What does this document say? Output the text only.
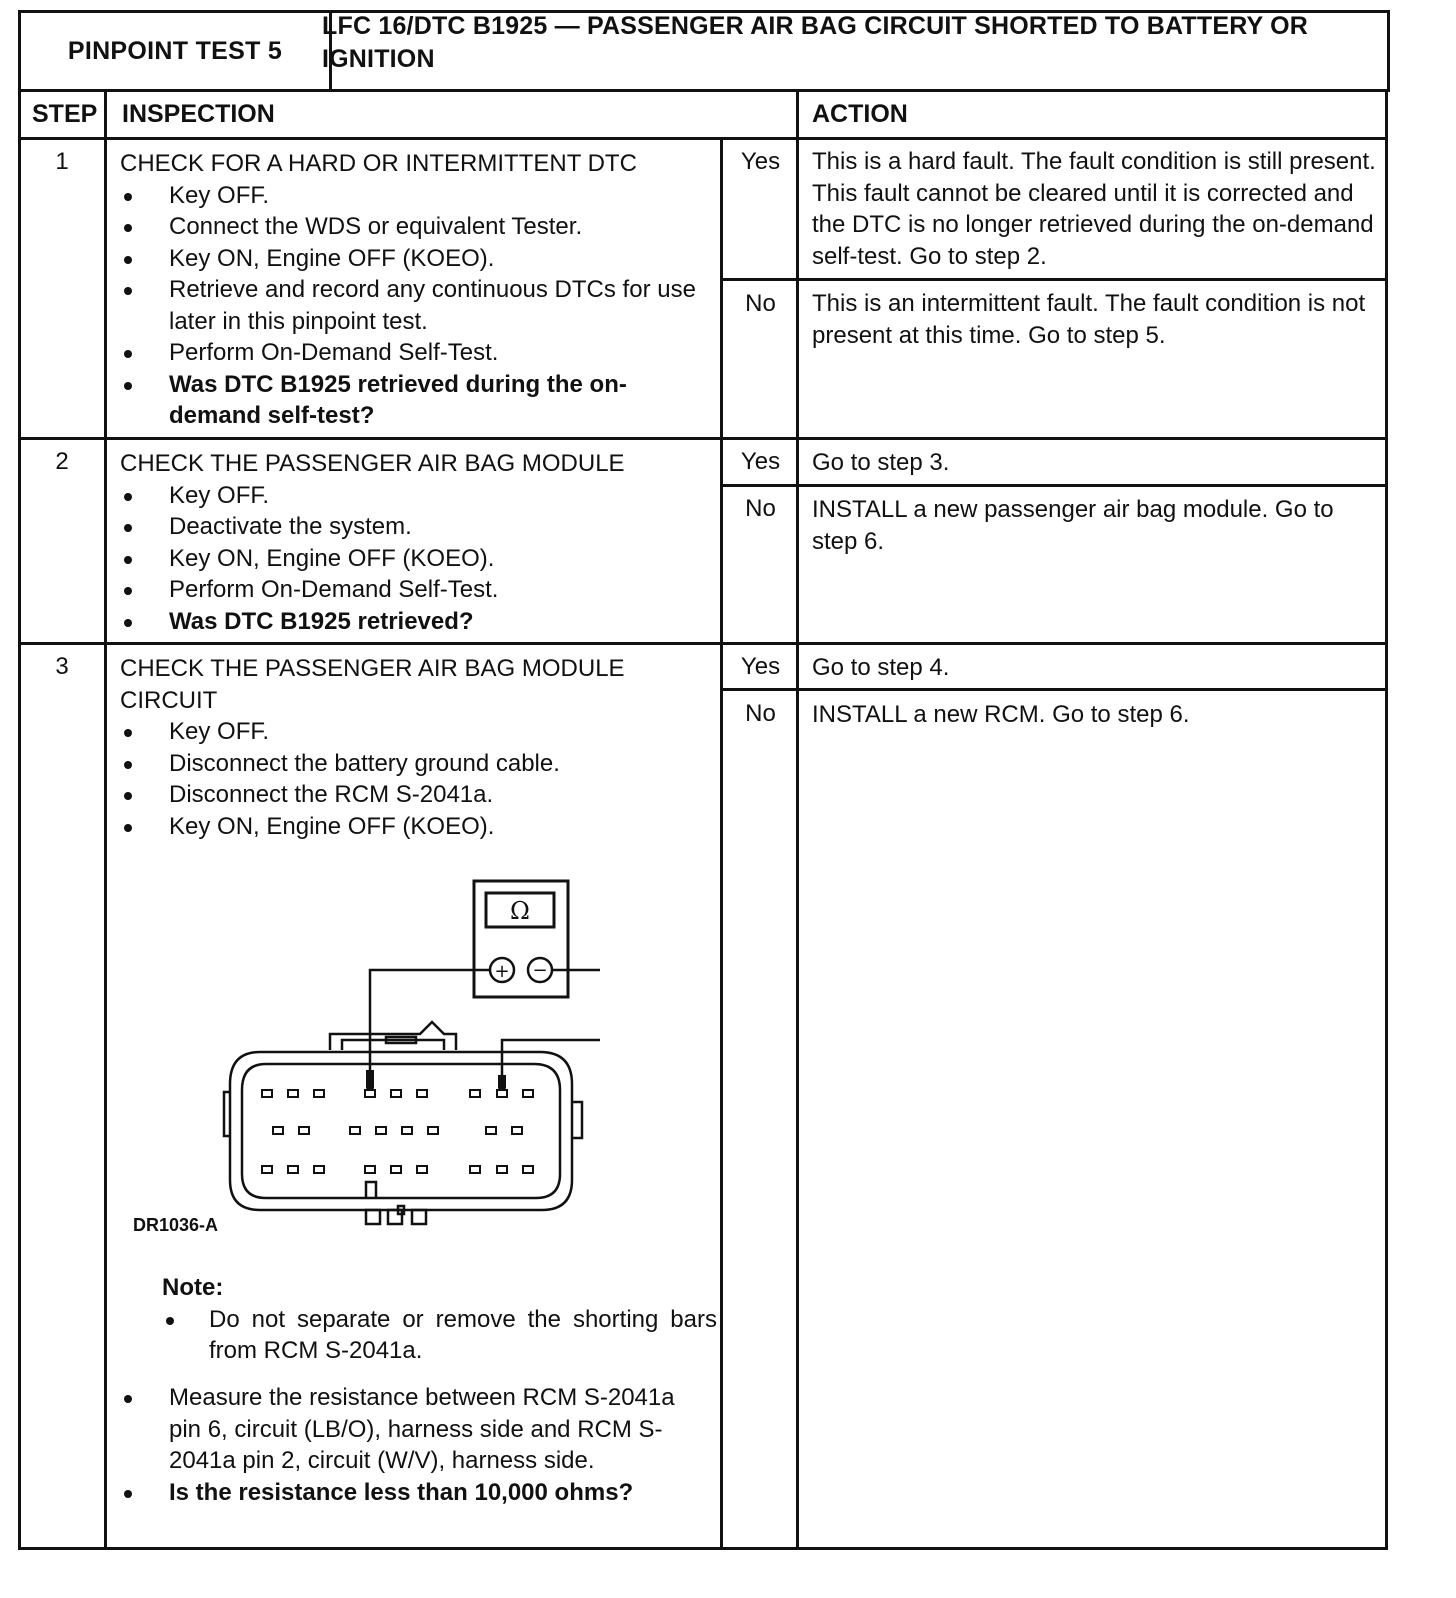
PINPOINT TEST 5
LFC 16/DTC B1925 — PASSENGER AIR BAG CIRCUIT SHORTED TO BATTERY OR IGNITION
STEP INSPECTION	ACTION
1	CHECK FOR A HARD OR INTERMITTENT DTC
Key OFF.
Connect the WDS or equivalent Tester.
Key ON, Engine OFF (KOEO).
Retrieve and record any continuous DTCs for use later in this pinpoint test.
Perform On-Demand Self-Test.
Was DTC B1925 retrieved during the on-demand self-test?
Yes	This is a hard fault. The fault condition is still present. This fault cannot be cleared until it is corrected and the DTC is no longer retrieved during the on-demand self-test. Go to step 2.
No	This is an intermittent fault. The fault condition is not present at this time. Go to step 5.
2	CHECK THE PASSENGER AIR BAG MODULE
Key OFF.
Deactivate the system.
Key ON, Engine OFF (KOEO).
Perform On-Demand Self-Test.
Was DTC B1925 retrieved?
Yes	Go to step 3.
No	INSTALL a new passenger air bag module. Go to step 6.
3	CHECK THE PASSENGER AIR BAG MODULE CIRCUIT
Key OFF.
Disconnect the battery ground cable.
Disconnect the RCM S-2041a.
Key ON, Engine OFF (KOEO).
Ω
+ −
DR1036-A
Note:
Do not separate or remove the shorting bars from RCM S-2041a.
Measure the resistance between RCM S-2041a pin 6, circuit (LB/O), harness side and RCM S-2041a pin 2, circuit (W/V), harness side.
Is the resistance less than 10,000 ohms?
Yes	Go to step 4.
No	INSTALL a new RCM. Go to step 6.
